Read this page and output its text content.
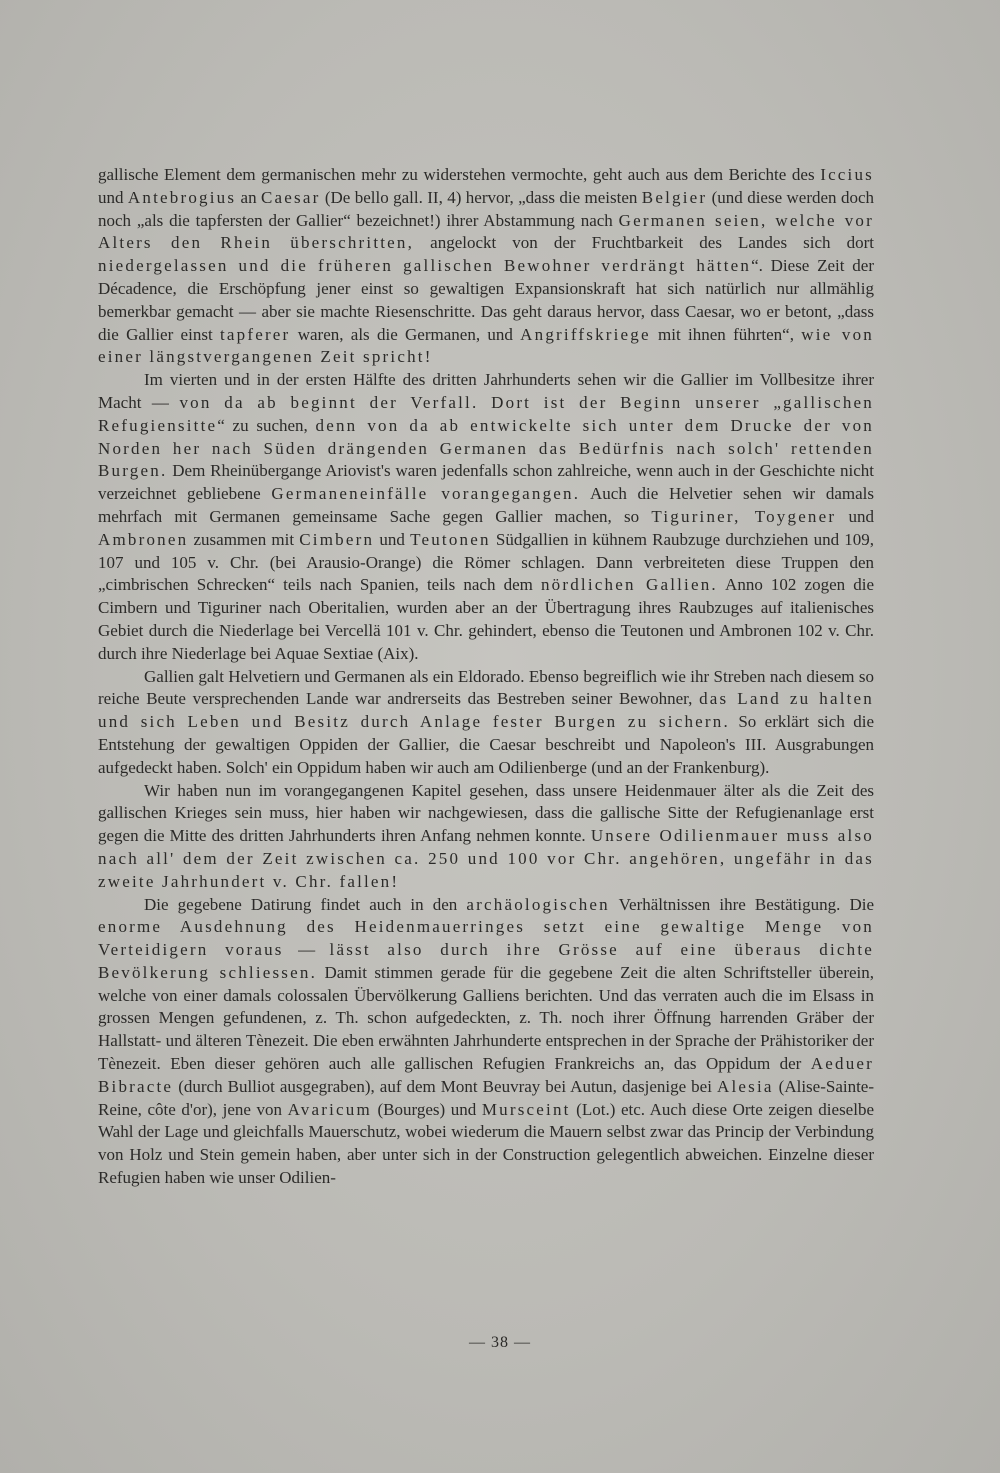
gallische Element dem germanischen mehr zu widerstehen vermochte, geht auch aus dem Berichte des Iccius und Antebrogius an Caesar (De bello gall. II, 4) hervor, „dass die meisten Belgier (und diese werden doch noch „als die tapfersten der Gallier“ bezeichnet!) ihrer Abstammung nach Germanen seien, welche vor Alters den Rhein überschritten, angelockt von der Fruchtbarkeit des Landes sich dort niedergelassen und die früheren gallischen Bewohner verdrängt hätten“. Diese Zeit der Décadence, die Erschöpfung jener einst so gewaltigen Expansionskraft hat sich natürlich nur allmählig bemerkbar gemacht — aber sie machte Riesenschritte. Das geht daraus hervor, dass Caesar, wo er betont, „dass die Gallier einst tapferer waren, als die Germanen, und Angriffskriege mit ihnen führten“, wie von einer längstvergangenen Zeit spricht!

Im vierten und in der ersten Hälfte des dritten Jahrhunderts sehen wir die Gallier im Vollbesitze ihrer Macht — von da ab beginnt der Verfall. Dort ist der Beginn unserer „gallischen Refugiensitte“ zu suchen, denn von da ab entwickelte sich unter dem Drucke der von Norden her nach Süden drängenden Germanen das Bedürfnis nach solch' rettenden Burgen. Dem Rheinübergange Ariovist's waren jedenfalls schon zahlreiche, wenn auch in der Geschichte nicht verzeichnet gebliebene Germaneneinfälle vorangegangen. Auch die Helvetier sehen wir damals mehrfach mit Germanen gemeinsame Sache gegen Gallier machen, so Tiguriner, Toygener und Ambronen zusammen mit Cimbern und Teutonen Südgallien in kühnem Raubzuge durchziehen und 109, 107 und 105 v. Chr. (bei Arausio-Orange) die Römer schlagen. Dann verbreiteten diese Truppen den „cimbrischen Schrecken“ teils nach Spanien, teils nach dem nördlichen Gallien. Anno 102 zogen die Cimbern und Tiguriner nach Oberitalien, wurden aber an der Übertragung ihres Raubzuges auf italienisches Gebiet durch die Niederlage bei Vercellä 101 v. Chr. gehindert, ebenso die Teutonen und Ambronen 102 v. Chr. durch ihre Niederlage bei Aquae Sextiae (Aix).

Gallien galt Helvetiern und Germanen als ein Eldorado. Ebenso begreiflich wie ihr Streben nach diesem so reiche Beute versprechenden Lande war andrerseits das Bestreben seiner Bewohner, das Land zu halten und sich Leben und Besitz durch Anlage fester Burgen zu sichern. So erklärt sich die Entstehung der gewaltigen Oppiden der Gallier, die Caesar beschreibt und Napoleon's III. Ausgrabungen aufgedeckt haben. Solch' ein Oppidum haben wir auch am Odilienberge (und an der Frankenburg).

Wir haben nun im vorangegangenen Kapitel gesehen, dass unsere Heidenmauer älter als die Zeit des gallischen Krieges sein muss, hier haben wir nachgewiesen, dass die gallische Sitte der Refugienanlage erst gegen die Mitte des dritten Jahrhunderts ihren Anfang nehmen konnte. Unsere Odilienmauer muss also nach all' dem der Zeit zwischen ca. 250 und 100 vor Chr. angehören, ungefähr in das zweite Jahrhundert v. Chr. fallen!

Die gegebene Datirung findet auch in den archäologischen Verhältnissen ihre Bestätigung. Die enorme Ausdehnung des Heidenmauerringes setzt eine gewaltige Menge von Verteidigern voraus — lässt also durch ihre Grösse auf eine überaus dichte Bevölkerung schliessen. Damit stimmen gerade für die gegebene Zeit die alten Schriftsteller überein, welche von einer damals colossalen Übervölkerung Galliens berichten. Und das verraten auch die im Elsass in grossen Mengen gefundenen, z. Th. schon aufgedeckten, z. Th. noch ihrer Öffnung harrenden Gräber der Hallstatt- und älteren Tènezeit. Die eben erwähnten Jahrhunderte entsprechen in der Sprache der Prähistoriker der Tènezeit. Eben dieser gehören auch alle gallischen Refugien Frankreichs an, das Oppidum der Aeduer Bibracte (durch Bulliot ausgegraben), auf dem Mont Beuvray bei Autun, dasjenige bei Alesia (Alise-Sainte-Reine, côte d'or), jene von Avaricum (Bourges) und Mursceint (Lot.) etc. Auch diese Orte zeigen dieselbe Wahl der Lage und gleichfalls Mauerschutz, wobei wiederum die Mauern selbst zwar das Princip der Verbindung von Holz und Stein gemein haben, aber unter sich in der Construction gelegentlich abweichen. Einzelne dieser Refugien haben wie unser Odilien-

— 38 —
